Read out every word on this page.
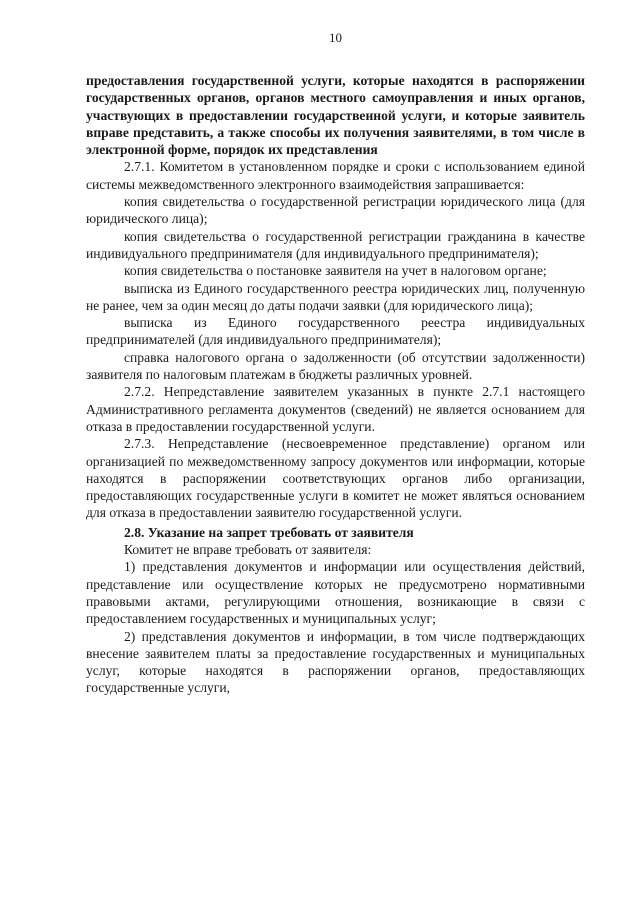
10

предоставления государственной услуги, которые находятся в распоряжении государственных органов, органов местного самоуправления и иных органов, участвующих в предоставлении государственной услуги, и которые заявитель вправе представить, а также способы их получения заявителями, в том числе в электронной форме, порядок их представления

2.7.1. Комитетом в установленном порядке и сроки с использованием единой системы межведомственного электронного взаимодействия запрашивается:

копия свидетельства о государственной регистрации юридического лица (для юридического лица);

копия свидетельства о государственной регистрации гражданина в качестве индивидуального предпринимателя (для индивидуального предпринимателя);

копия свидетельства о постановке заявителя на учет в налоговом органе;

выписка из Единого государственного реестра юридических лиц, полученную не ранее, чем за один месяц до даты подачи заявки (для юридического лица);

выписка из Единого государственного реестра индивидуальных предпринимателей (для индивидуального предпринимателя);

справка налогового органа о задолженности (об отсутствии задолженности) заявителя по налоговым платежам в бюджеты различных уровней.

2.7.2. Непредставление заявителем указанных в пункте 2.7.1 настоящего Административного регламента документов (сведений) не является основанием для отказа в предоставлении государственной услуги.

2.7.3. Непредставление (несвоевременное представление) органом или организацией по межведомственному запросу документов или информации, которые находятся в распоряжении соответствующих органов либо организации, предоставляющих государственные услуги в комитет не может являться основанием для отказа в предоставлении заявителю государственной услуги.

2.8. Указание на запрет требовать от заявителя

Комитет не вправе требовать от заявителя:

1) представления документов и информации или осуществления действий, представление или осуществление которых не предусмотрено нормативными правовыми актами, регулирующими отношения, возникающие в связи с предоставлением государственных и муниципальных услуг;

2) представления документов и информации, в том числе подтверждающих внесение заявителем платы за предоставление государственных и муниципальных услуг, которые находятся в распоряжении органов, предоставляющих государственные услуги,
